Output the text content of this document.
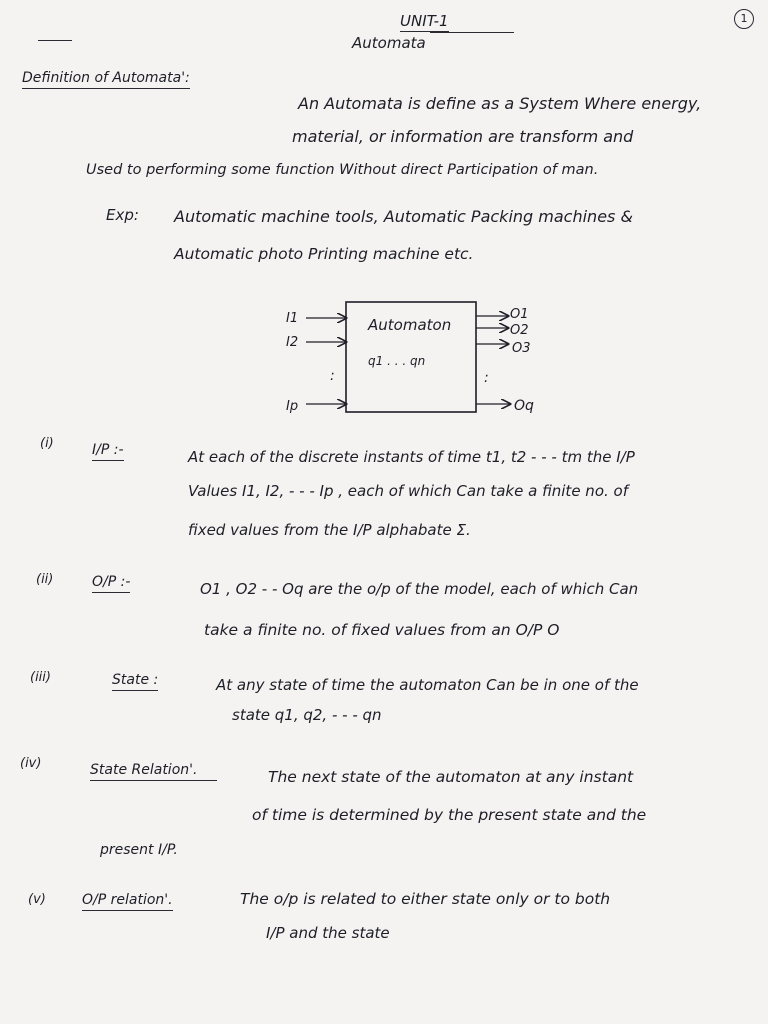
1
UNIT-1
Automata
Definition of Automata':
An Automata is define as a System Where energy,
material, or information are transform and
Used to performing some function Without direct Participation of man.
Exp: Automatic machine tools, Automatic Packing machines &
Automatic photo Printing machine etc.
Automaton
q1 . . . qn
I1
I2
Ip
:
O1
O2
O3
Oq
:
(i)	I/P :-	At each of the discrete instants of time t1, t2 - - - tm the I/P
Values I1, I2, - - - Ip , each of which Can take a finite no. of
fixed values from the I/P alphabate Σ.
(ii)	O/P :-	O1 , O2 - - Oq are the o/p of the model, each of which Can
take a finite no. of fixed values from an O/P O
(iii)	State :	At any state of time the automaton Can be in one of the
state q1, q2, - - - qn
(iv)	State Relation'.	The next state of the automaton at any instant
of time is determined by the present state and the
present I/P.
(v)	O/P relation'.	The o/p is related to either state only or to both
I/P and the state
